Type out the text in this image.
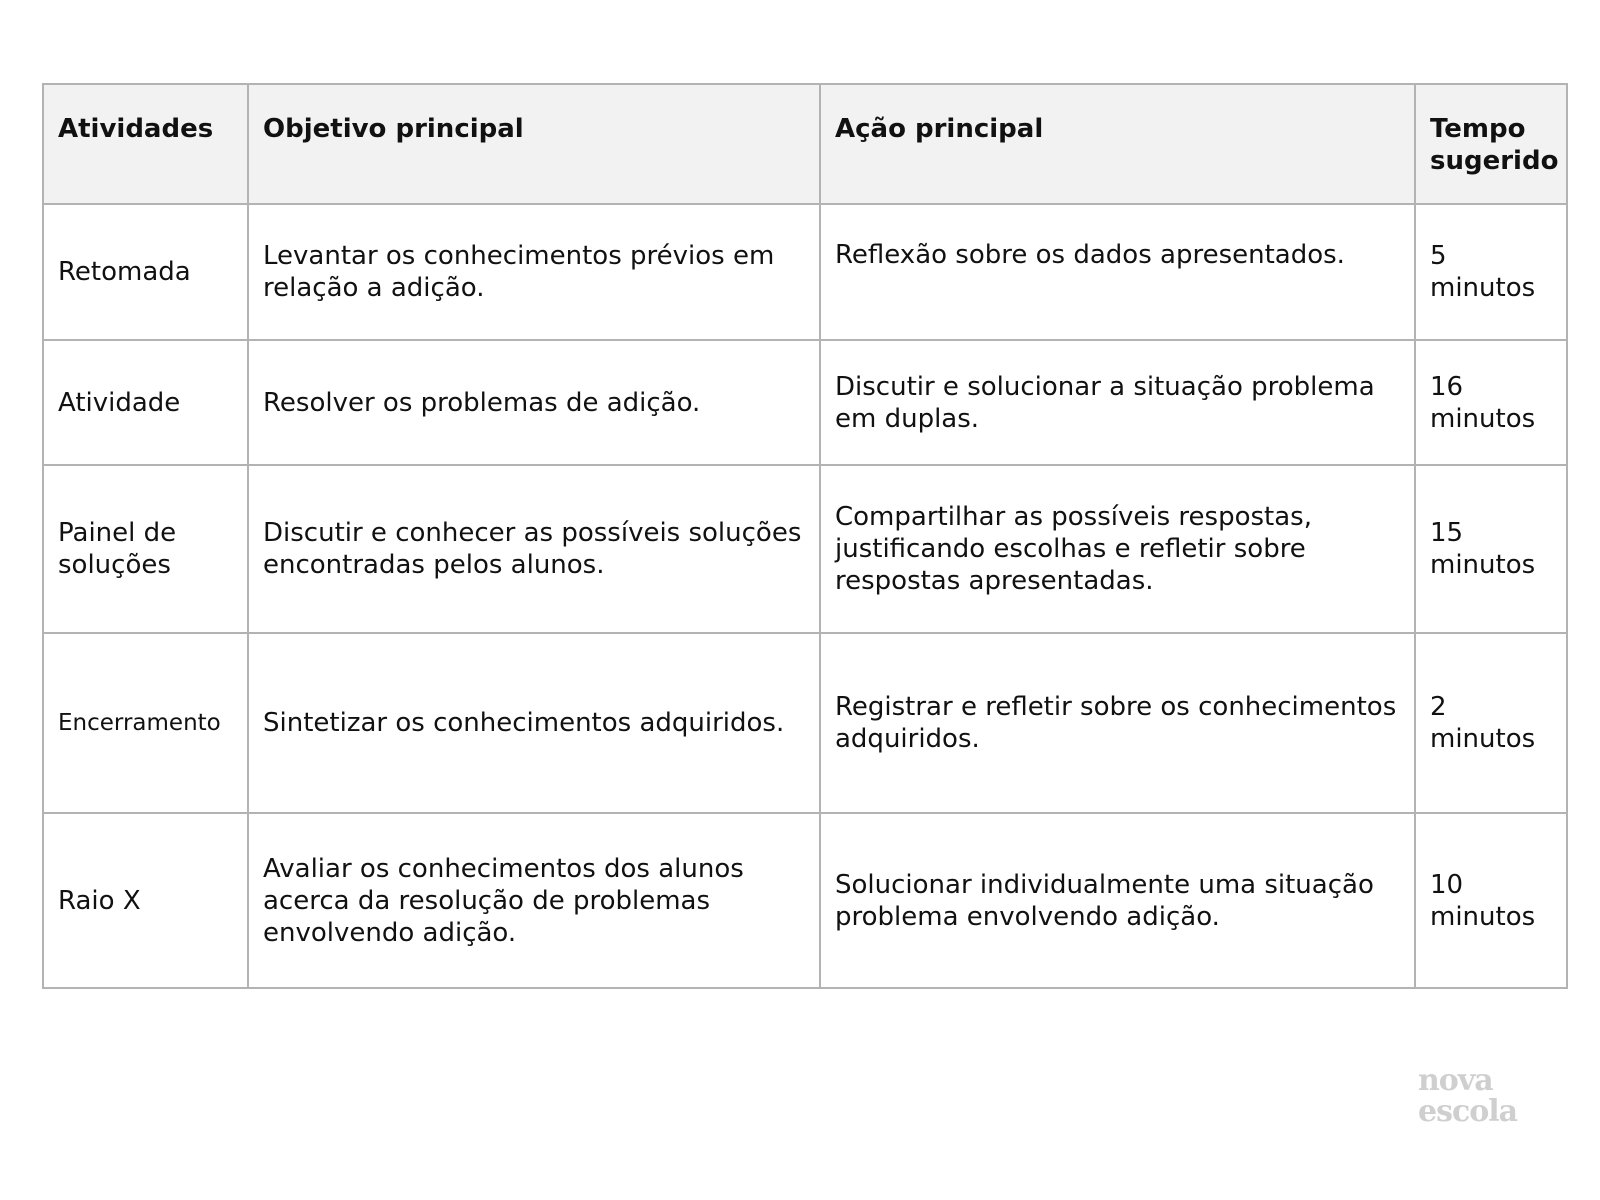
Atividades	Objetivo principal	Ação principal	Tempo sugerido
Retomada	Levantar os conhecimentos prévios em relação a adição.	Reflexão sobre os dados apresentados.	5 minutos
Atividade	Resolver os problemas de adição.	Discutir e solucionar a situação problema em duplas.	16 minutos
Painel de soluções	Discutir e conhecer as possíveis soluções encontradas pelos alunos.	Compartilhar as possíveis respostas, justificando escolhas e refletir sobre respostas apresentadas.	15 minutos
Encerramento	Sintetizar os conhecimentos adquiridos.	Registrar e refletir sobre os conhecimentos adquiridos.	2 minutos
Raio X	Avaliar os conhecimentos dos alunos acerca da resolução de problemas envolvendo adição.	Solucionar individualmente uma situação problema envolvendo adição.	10 minutos
nova
escola
